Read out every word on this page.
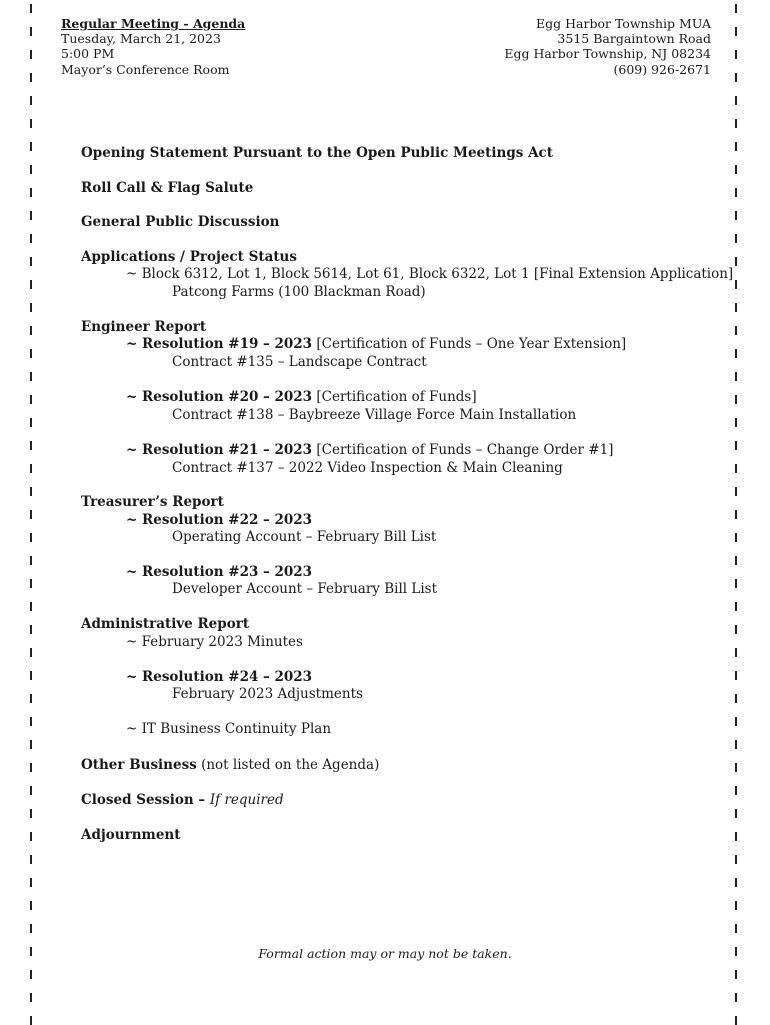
Regular Meeting - Agenda
Tuesday, March 21, 2023
5:00 PM
Mayor’s Conference Room
Egg Harbor Township MUA
3515 Bargaintown Road
Egg Harbor Township, NJ 08234
(609) 926-2671
Opening Statement Pursuant to the Open Public Meetings Act
Roll Call & Flag Salute
General Public Discussion
Applications / Project Status
~ Block 6312, Lot 1, Block 5614, Lot 61, Block 6322, Lot 1 [Final Extension Application]
Patcong Farms (100 Blackman Road)
Engineer Report
~ Resolution #19 – 2023 [Certification of Funds – One Year Extension]
Contract #135 – Landscape Contract
~ Resolution #20 – 2023 [Certification of Funds]
Contract #138 – Baybreeze Village Force Main Installation
~ Resolution #21 – 2023 [Certification of Funds – Change Order #1]
Contract #137 – 2022 Video Inspection & Main Cleaning
Treasurer’s Report
~ Resolution #22 – 2023
Operating Account – February Bill List
~ Resolution #23 – 2023
Developer Account – February Bill List
Administrative Report
~ February 2023 Minutes
~ Resolution #24 – 2023
February 2023 Adjustments
~ IT Business Continuity Plan
Other Business (not listed on the Agenda)
Closed Session – If required
Adjournment
Formal action may or may not be taken.
